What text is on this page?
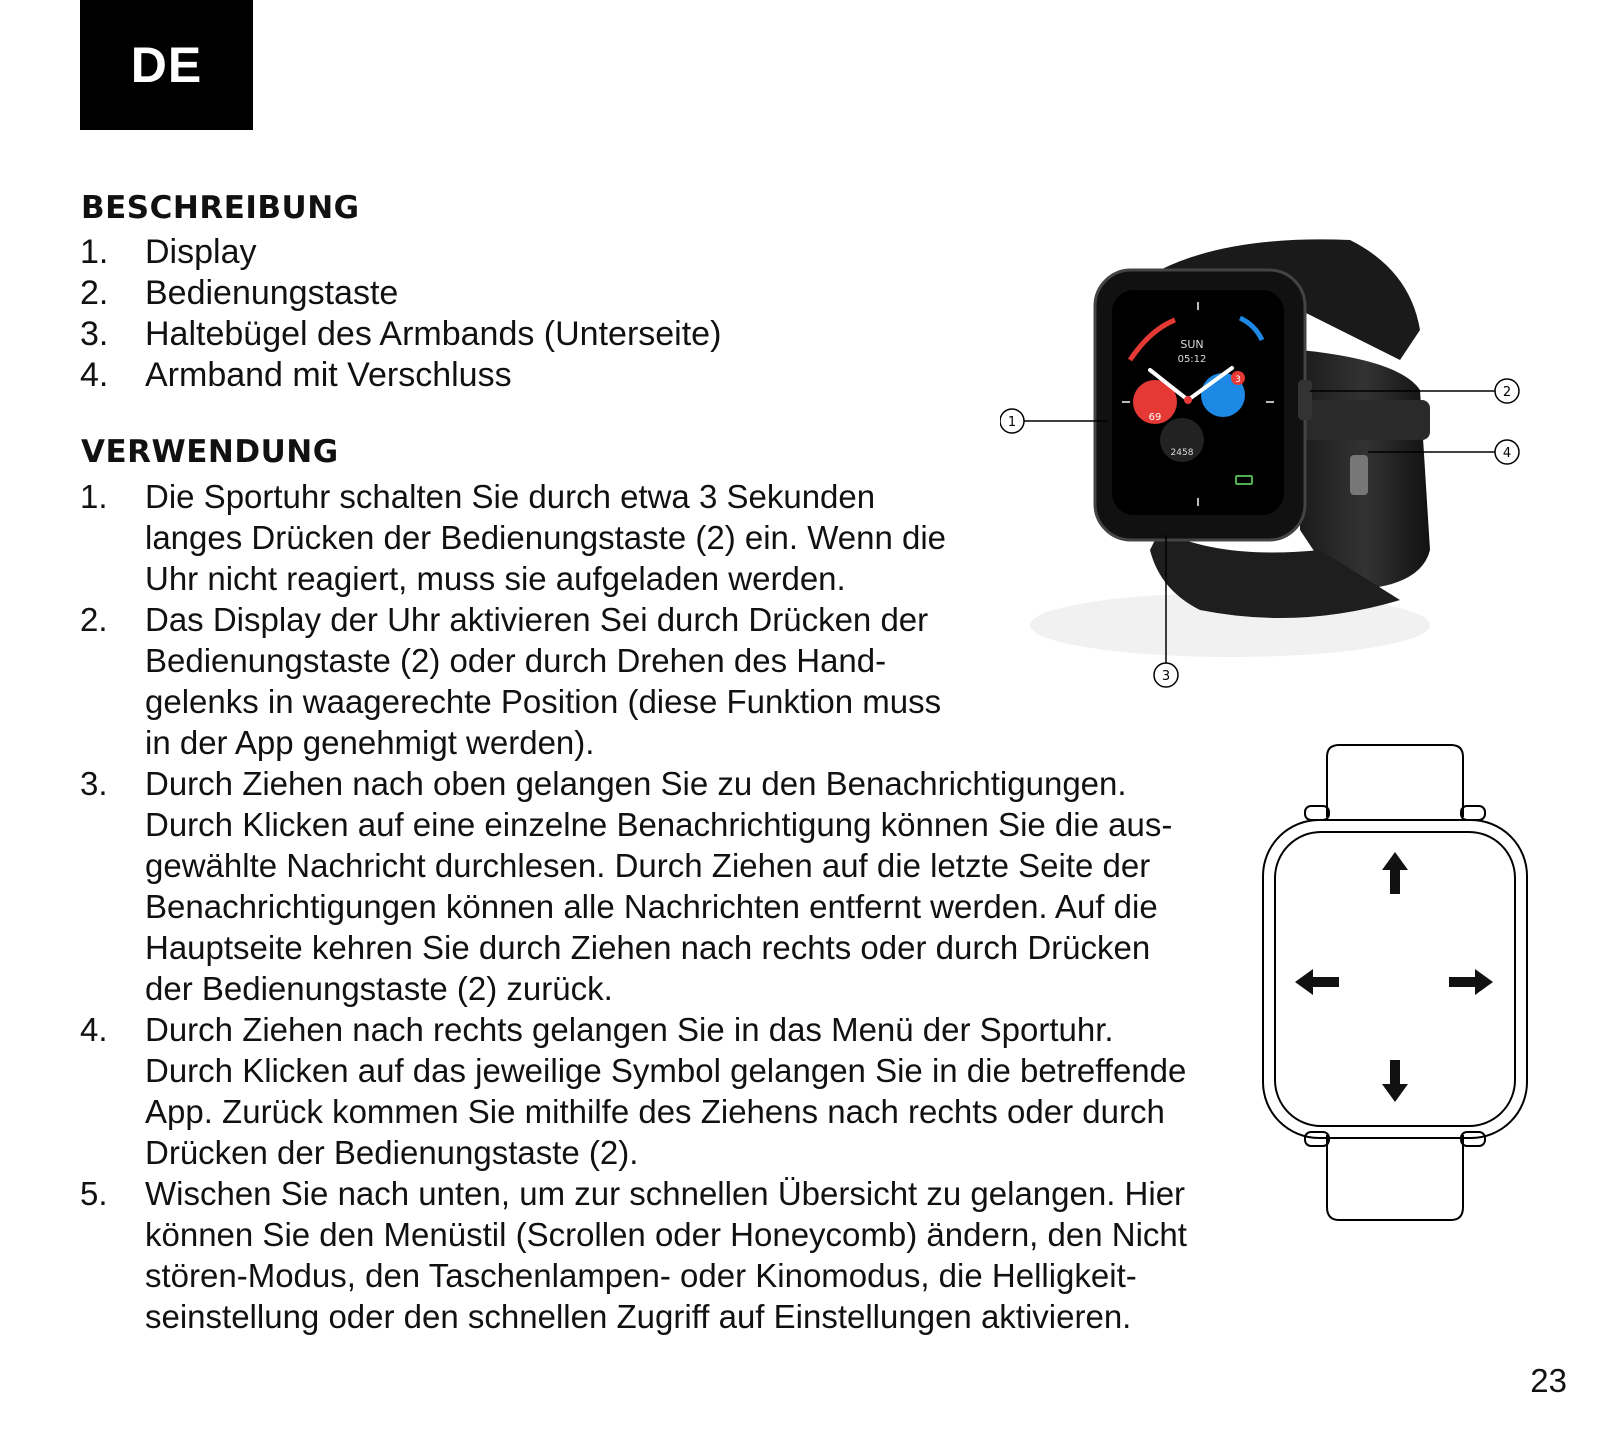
DE
BESCHREIBUNG
1. Display
2. Bedienungstaste
3. Haltebügel des Armbands (Unterseite)
4. Armband mit Verschluss
VERWENDUNG
1. Die Sportuhr schalten Sie durch etwa 3 Sekunden
langes Drücken der Bedienungstaste (2) ein. Wenn die
Uhr nicht reagiert, muss sie aufgeladen werden.
2. Das Display der Uhr aktivieren Sei durch Drücken der
Bedienungstaste (2) oder durch Drehen des Hand-
gelenks in waagerechte Position (diese Funktion muss
in der App genehmigt werden).
3. Durch Ziehen nach oben gelangen Sie zu den Benachrichtigungen.
Durch Klicken auf eine einzelne Benachrichtigung können Sie die aus-
gewählte Nachricht durchlesen. Durch Ziehen auf die letzte Seite der
Benachrichtigungen können alle Nachrichten entfernt werden. Auf die
Hauptseite kehren Sie durch Ziehen nach rechts oder durch Drücken
der Bedienungstaste (2) zurück.
4. Durch Ziehen nach rechts gelangen Sie in das Menü der Sportuhr.
Durch Klicken auf das jeweilige Symbol gelangen Sie in die betreffende
App. Zurück kommen Sie mithilfe des Ziehens nach rechts oder durch
Drücken der Bedienungstaste (2).
5. Wischen Sie nach unten, um zur schnellen Übersicht zu gelangen. Hier
können Sie den Menüstil (Scrollen oder Honeycomb) ändern, den Nicht
stören-Modus, den Taschenlampen- oder Kinomodus, die Helligkeit-
seinstellung oder den schnellen Zugriff auf Einstellungen aktivieren.
69
3
2458
SUN
05:12
1
2
4
3
23
